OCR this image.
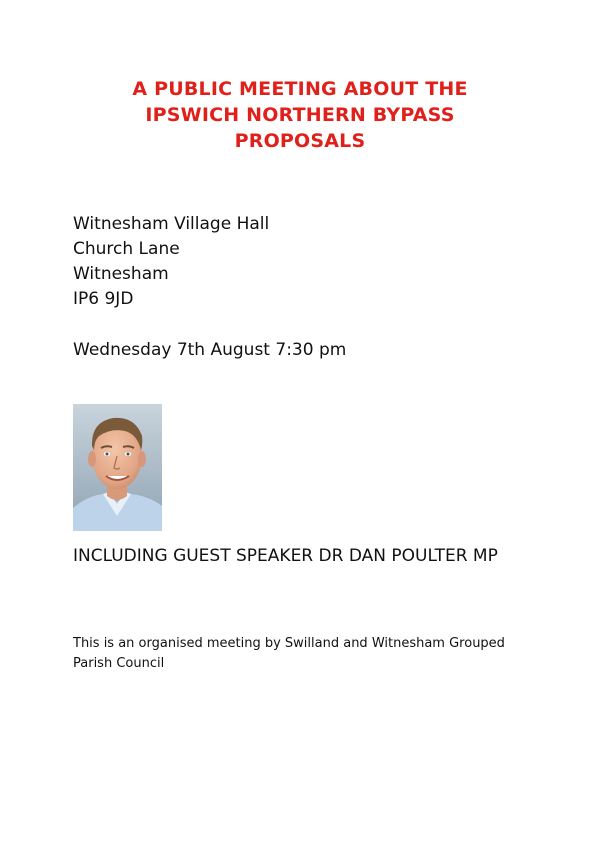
A PUBLIC MEETING ABOUT THE
IPSWICH NORTHERN BYPASS
PROPOSALS
Witnesham Village Hall
Church Lane
Witnesham
IP6 9JD
Wednesday 7th August 7:30 pm
INCLUDING GUEST SPEAKER DR DAN POULTER MP
This is an organised meeting by Swilland and Witnesham Grouped Parish Council
